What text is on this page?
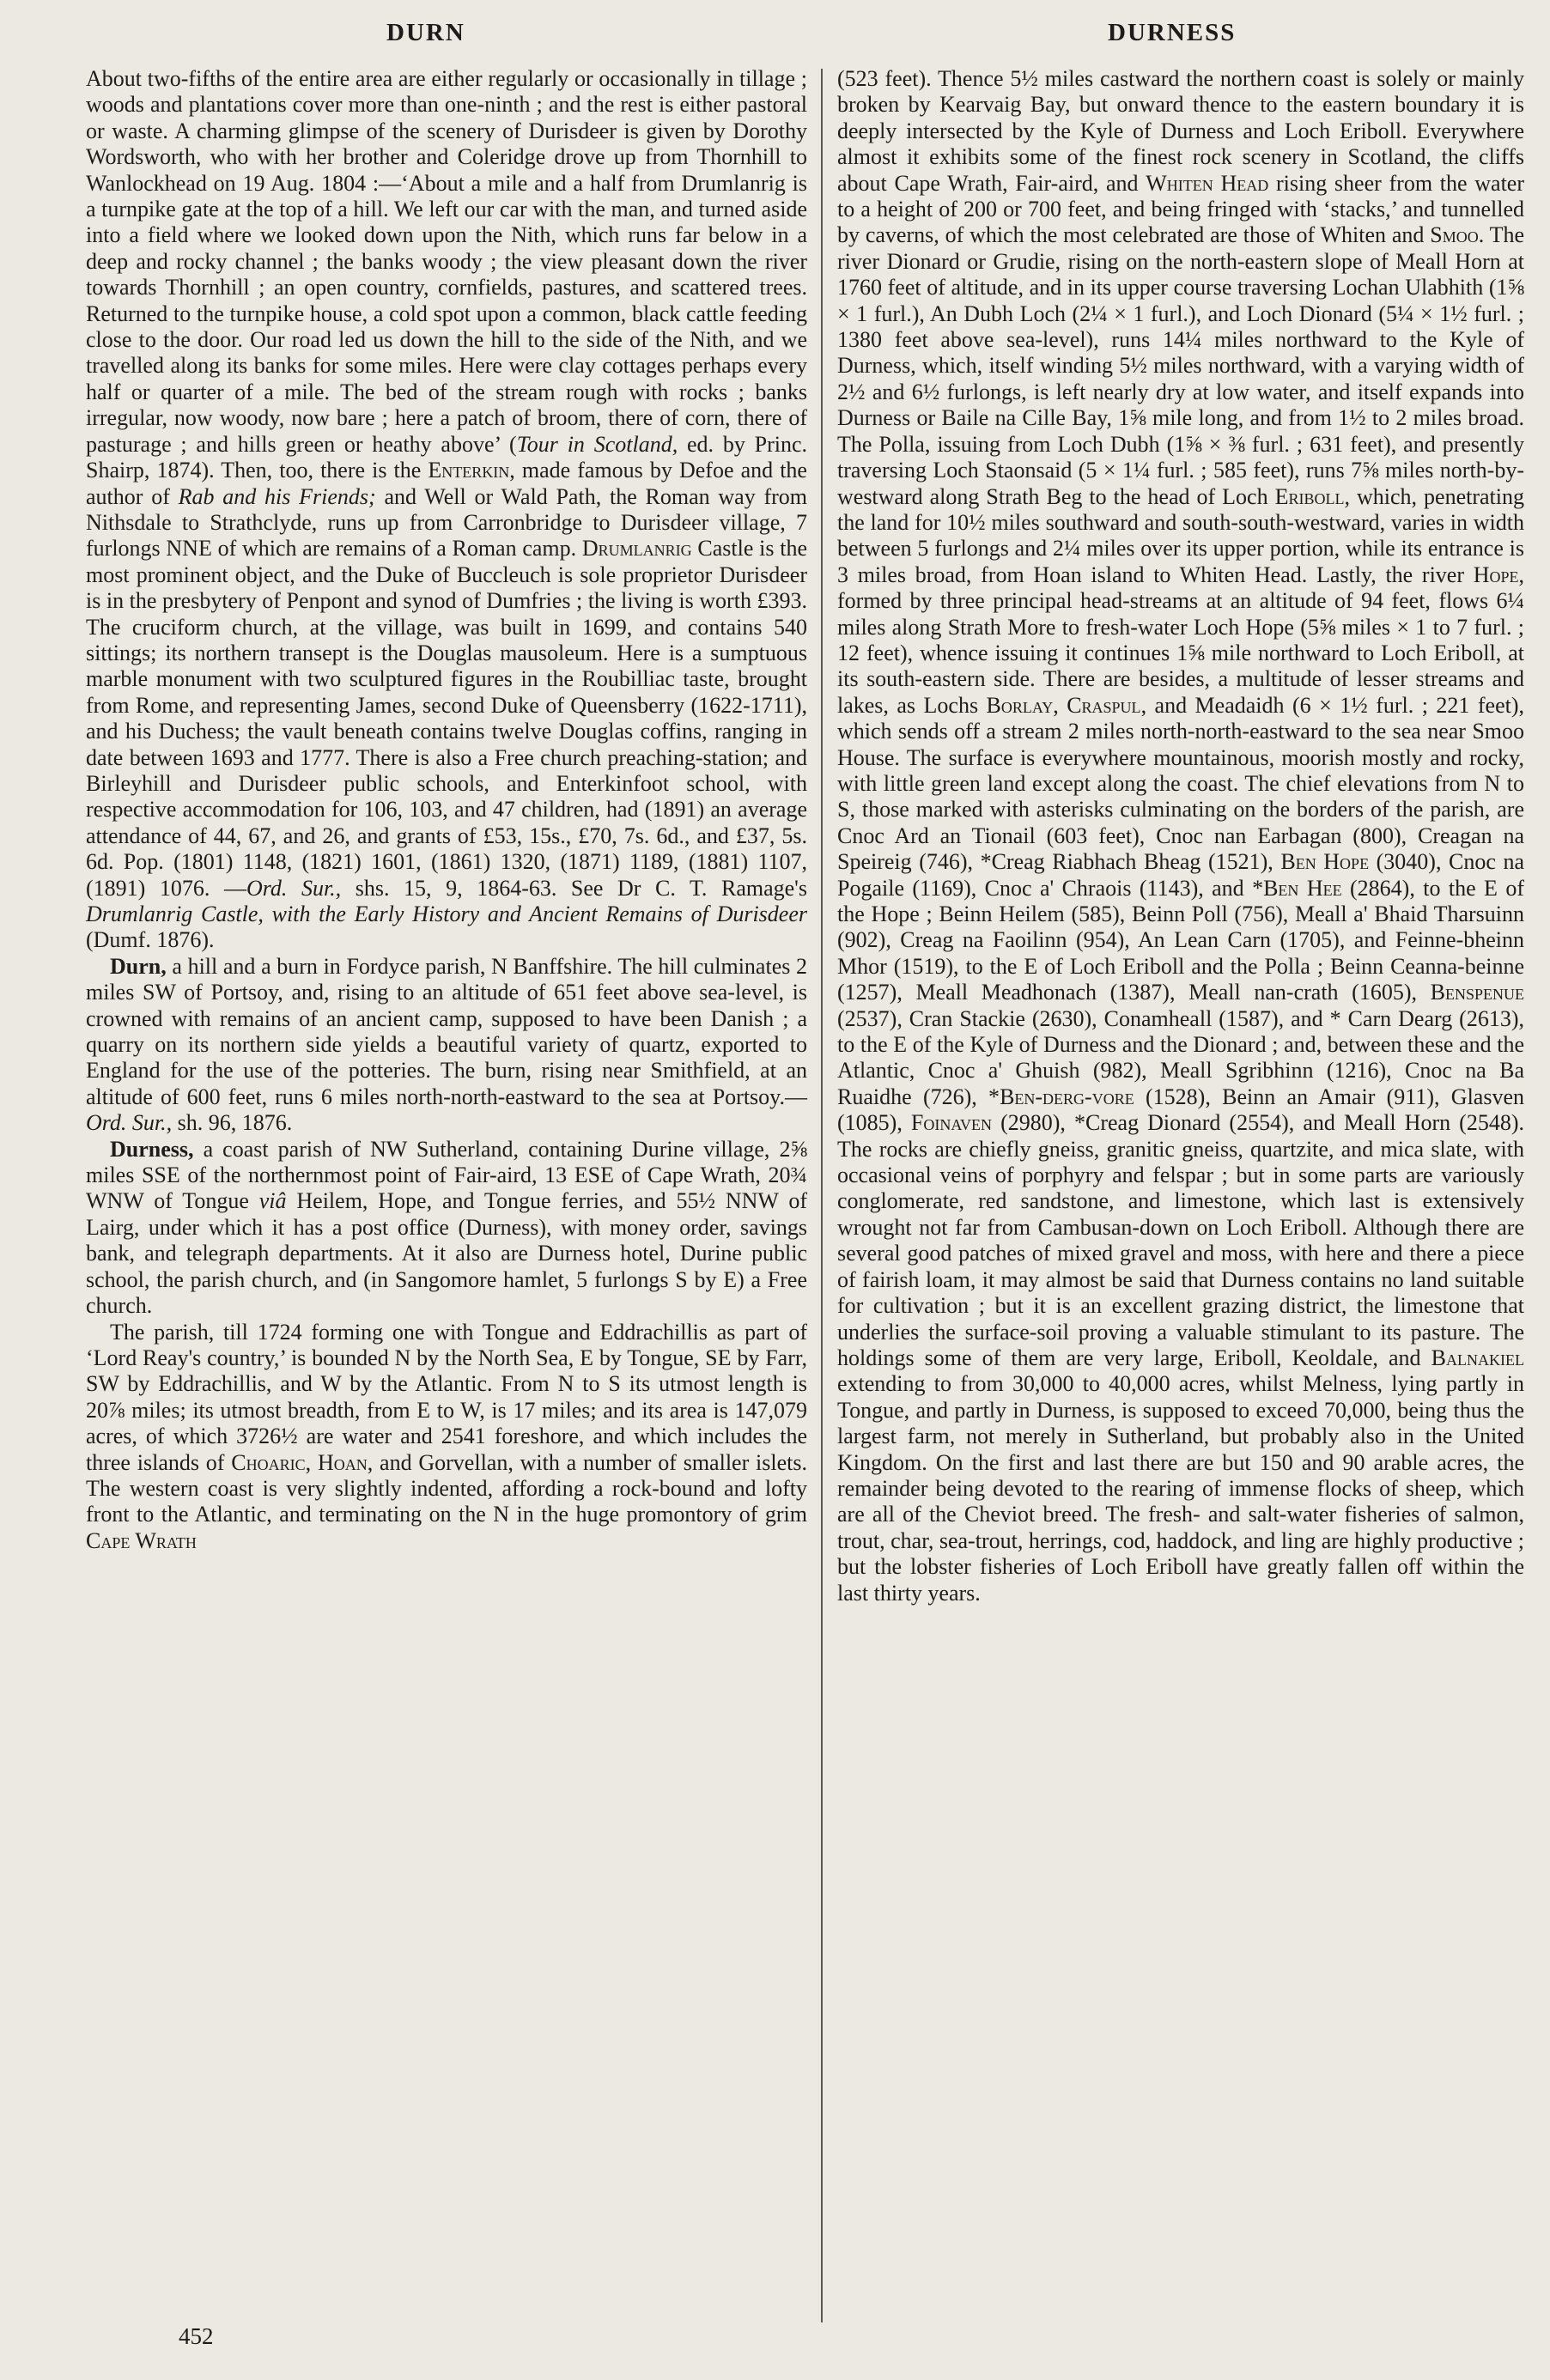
DURN	DURNESS

About two-fifths of the entire area are either regularly or occasionally in tillage ; woods and plantations cover more than one-ninth ; and the rest is either pastoral or waste. A charming glimpse of the scenery of Durisdeer is given by Dorothy Wordsworth, who with her brother and Coleridge drove up from Thornhill to Wanlockhead on 19 Aug. 1804 :—‘About a mile and a half from Drumlanrig is a turnpike gate at the top of a hill. We left our car with the man, and turned aside into a field where we looked down upon the Nith, which runs far below in a deep and rocky channel ; the banks woody ; the view pleasant down the river towards Thornhill ; an open country, cornfields, pastures, and scattered trees. Returned to the turnpike house, a cold spot upon a common, black cattle feeding close to the door. Our road led us down the hill to the side of the Nith, and we travelled along its banks for some miles. Here were clay cottages perhaps every half or quarter of a mile. The bed of the stream rough with rocks ; banks irregular, now woody, now bare ; here a patch of broom, there of corn, there of pasturage ; and hills green or heathy above’ (Tour in Scotland, ed. by Princ. Shairp, 1874). Then, too, there is the Enterkin, made famous by Defoe and the author of Rab and his Friends; and Well or Wald Path, the Roman way from Nithsdale to Strathclyde, runs up from Carronbridge to Durisdeer village, 7 furlongs NNE of which are remains of a Roman camp. Drumlanrig Castle is the most prominent object, and the Duke of Buccleuch is sole proprietor Durisdeer is in the presbytery of Penpont and synod of Dumfries ; the living is worth £393. The cruciform church, at the village, was built in 1699, and contains 540 sittings; its northern transept is the Douglas mausoleum. Here is a sumptuous marble monument with two sculptured figures in the Roubilliac taste, brought from Rome, and representing James, second Duke of Queensberry (1622-1711), and his Duchess; the vault beneath contains twelve Douglas coffins, ranging in date between 1693 and 1777. There is also a Free church preaching-station; and Birleyhill and Durisdeer public schools, and Enterkinfoot school, with respective accommodation for 106, 103, and 47 children, had (1891) an average attendance of 44, 67, and 26, and grants of £53, 15s., £70, 7s. 6d., and £37, 5s. 6d. Pop. (1801) 1148, (1821) 1601, (1861) 1320, (1871) 1189, (1881) 1107, (1891) 1076. —Ord. Sur., shs. 15, 9, 1864-63. See Dr C. T. Ramage's Drumlanrig Castle, with the Early History and Ancient Remains of Durisdeer (Dumf. 1876).

Durn, a hill and a burn in Fordyce parish, N Banffshire. The hill culminates 2 miles SW of Portsoy, and, rising to an altitude of 651 feet above sea-level, is crowned with remains of an ancient camp, supposed to have been Danish ; a quarry on its northern side yields a beautiful variety of quartz, exported to England for the use of the potteries. The burn, rising near Smithfield, at an altitude of 600 feet, runs 6 miles north-north-eastward to the sea at Portsoy.—Ord. Sur., sh. 96, 1876.

Durness, a coast parish of NW Sutherland, containing Durine village, 2⅝ miles SSE of the northernmost point of Fair-aird, 13 ESE of Cape Wrath, 20¾ WNW of Tongue viâ Heilem, Hope, and Tongue ferries, and 55½ NNW of Lairg, under which it has a post office (Durness), with money order, savings bank, and telegraph departments. At it also are Durness hotel, Durine public school, the parish church, and (in Sangomore hamlet, 5 furlongs S by E) a Free church.

The parish, till 1724 forming one with Tongue and Eddrachillis as part of ‘Lord Reay's country,’ is bounded N by the North Sea, E by Tongue, SE by Farr, SW by Eddrachillis, and W by the Atlantic. From N to S its utmost length is 20⅞ miles; its utmost breadth, from E to W, is 17 miles; and its area is 147,079 acres, of which 3726½ are water and 2541 foreshore, and which includes the three islands of Choaric, Hoan, and Gorvellan, with a number of smaller islets. The western coast is very slightly indented, affording a rock-bound and lofty front to the Atlantic, and terminating on the N in the huge promontory of grim Cape Wrath

(523 feet). Thence 5½ miles castward the northern coast is solely or mainly broken by Kearvaig Bay, but onward thence to the eastern boundary it is deeply intersected by the Kyle of Durness and Loch Eriboll. Everywhere almost it exhibits some of the finest rock scenery in Scotland, the cliffs about Cape Wrath, Fair-aird, and Whiten Head rising sheer from the water to a height of 200 or 700 feet, and being fringed with ‘stacks,’ and tunnelled by caverns, of which the most celebrated are those of Whiten and Smoo. The river Dionard or Grudie, rising on the north-eastern slope of Meall Horn at 1760 feet of altitude, and in its upper course traversing Lochan Ulabhith (1⅝ × 1 furl.), An Dubh Loch (2¼ × 1 furl.), and Loch Dionard (5¼ × 1½ furl. ; 1380 feet above sea-level), runs 14¼ miles northward to the Kyle of Durness, which, itself winding 5½ miles northward, with a varying width of 2½ and 6½ furlongs, is left nearly dry at low water, and itself expands into Durness or Baile na Cille Bay, 1⅝ mile long, and from 1½ to 2 miles broad. The Polla, issuing from Loch Dubh (1⅝ × ⅜ furl. ; 631 feet), and presently traversing Loch Staonsaid (5 × 1¼ furl. ; 585 feet), runs 7⅝ miles north-by-westward along Strath Beg to the head of Loch Eriboll, which, penetrating the land for 10½ miles southward and south-south-westward, varies in width between 5 furlongs and 2¼ miles over its upper portion, while its entrance is 3 miles broad, from Hoan island to Whiten Head. Lastly, the river Hope, formed by three principal head-streams at an altitude of 94 feet, flows 6¼ miles along Strath More to fresh-water Loch Hope (5⅝ miles × 1 to 7 furl. ; 12 feet), whence issuing it continues 1⅝ mile northward to Loch Eriboll, at its south-eastern side. There are besides, a multitude of lesser streams and lakes, as Lochs Borlay, Craspul, and Meadaidh (6 × 1½ furl. ; 221 feet), which sends off a stream 2 miles north-north-eastward to the sea near Smoo House. The surface is everywhere mountainous, moorish mostly and rocky, with little green land except along the coast. The chief elevations from N to S, those marked with asterisks culminating on the borders of the parish, are Cnoc Ard an Tionail (603 feet), Cnoc nan Earbagan (800), Creagan na Speireig (746), *Creag Riabhach Bheag (1521), Ben Hope (3040), Cnoc na Pogaile (1169), Cnoc a' Chraois (1143), and *Ben Hee (2864), to the E of the Hope ; Beinn Heilem (585), Beinn Poll (756), Meall a' Bhaid Tharsuinn (902), Creag na Faoilinn (954), An Lean Carn (1705), and Feinne-bheinn Mhor (1519), to the E of Loch Eriboll and the Polla ; Beinn Ceanna-beinne (1257), Meall Meadhonach (1387), Meall nan-crath (1605), Benspenue (2537), Cran Stackie (2630), Conamheall (1587), and * Carn Dearg (2613), to the E of the Kyle of Durness and the Dionard ; and, between these and the Atlantic, Cnoc a' Ghuish (982), Meall Sgribhinn (1216), Cnoc na Ba Ruaidhe (726), *Ben-derg-vore (1528), Beinn an Amair (911), Glasven (1085), Foinaven (2980), *Creag Dionard (2554), and Meall Horn (2548). The rocks are chiefly gneiss, granitic gneiss, quartzite, and mica slate, with occasional veins of porphyry and felspar ; but in some parts are variously conglomerate, red sandstone, and limestone, which last is extensively wrought not far from Cambusan-down on Loch Eriboll. Although there are several good patches of mixed gravel and moss, with here and there a piece of fairish loam, it may almost be said that Durness contains no land suitable for cultivation ; but it is an excellent grazing district, the limestone that underlies the surface-soil proving a valuable stimulant to its pasture. The holdings some of them are very large, Eriboll, Keoldale, and Balnakiel extending to from 30,000 to 40,000 acres, whilst Melness, lying partly in Tongue, and partly in Durness, is supposed to exceed 70,000, being thus the largest farm, not merely in Sutherland, but probably also in the United Kingdom. On the first and last there are but 150 and 90 arable acres, the remainder being devoted to the rearing of immense flocks of sheep, which are all of the Cheviot breed. The fresh- and salt-water fisheries of salmon, trout, char, sea-trout, herrings, cod, haddock, and ling are highly productive ; but the lobster fisheries of Loch Eriboll have greatly fallen off within the last thirty years.

452
